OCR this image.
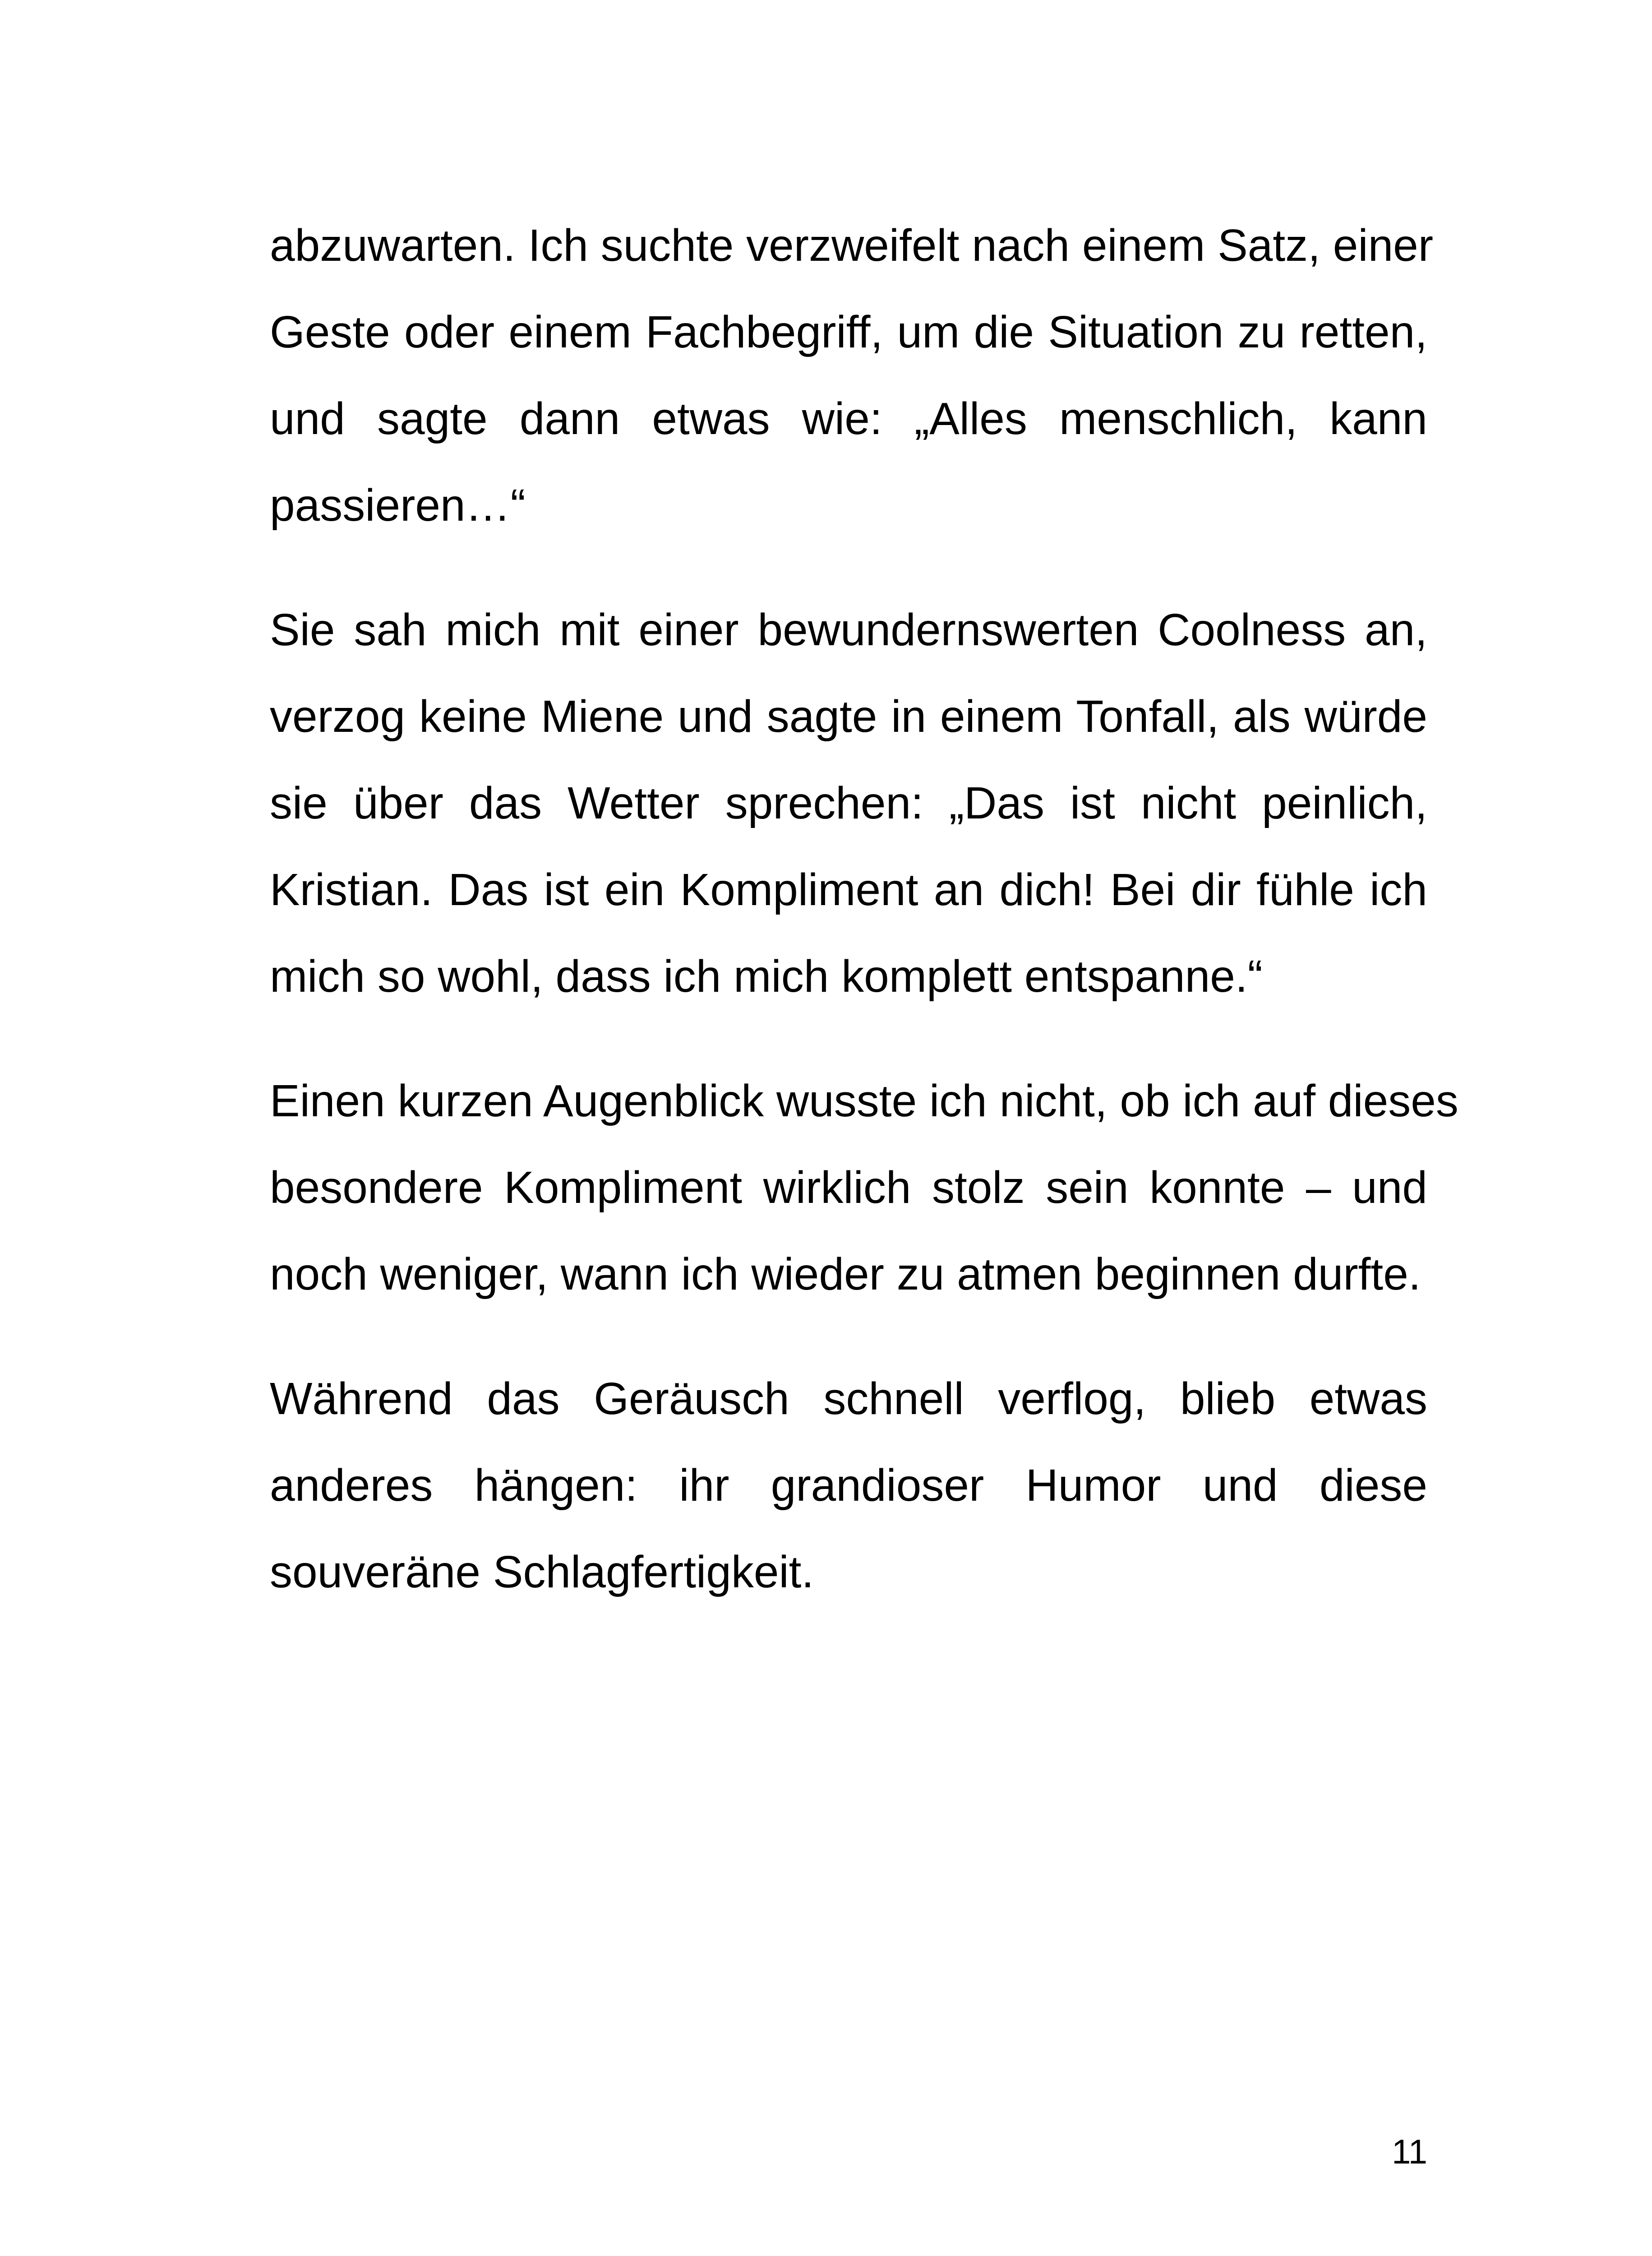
abzuwarten. Ich suchte verzweifelt nach einem Satz, einer
Geste oder einem Fachbegriff, um die Situation zu retten,
und sagte dann etwas wie: „Alles menschlich, kann
passieren…“

Sie sah mich mit einer bewundernswerten Coolness an,
verzog keine Miene und sagte in einem Tonfall, als würde
sie über das Wetter sprechen: „Das ist nicht peinlich,
Kristian. Das ist ein Kompliment an dich! Bei dir fühle ich
mich so wohl, dass ich mich komplett entspanne.“

Einen kurzen Augenblick wusste ich nicht, ob ich auf dieses
besondere Kompliment wirklich stolz sein konnte – und
noch weniger, wann ich wieder zu atmen beginnen durfte.

Während das Geräusch schnell verflog, blieb etwas
anderes hängen: ihr grandioser Humor und diese
souveräne Schlagfertigkeit.

11
